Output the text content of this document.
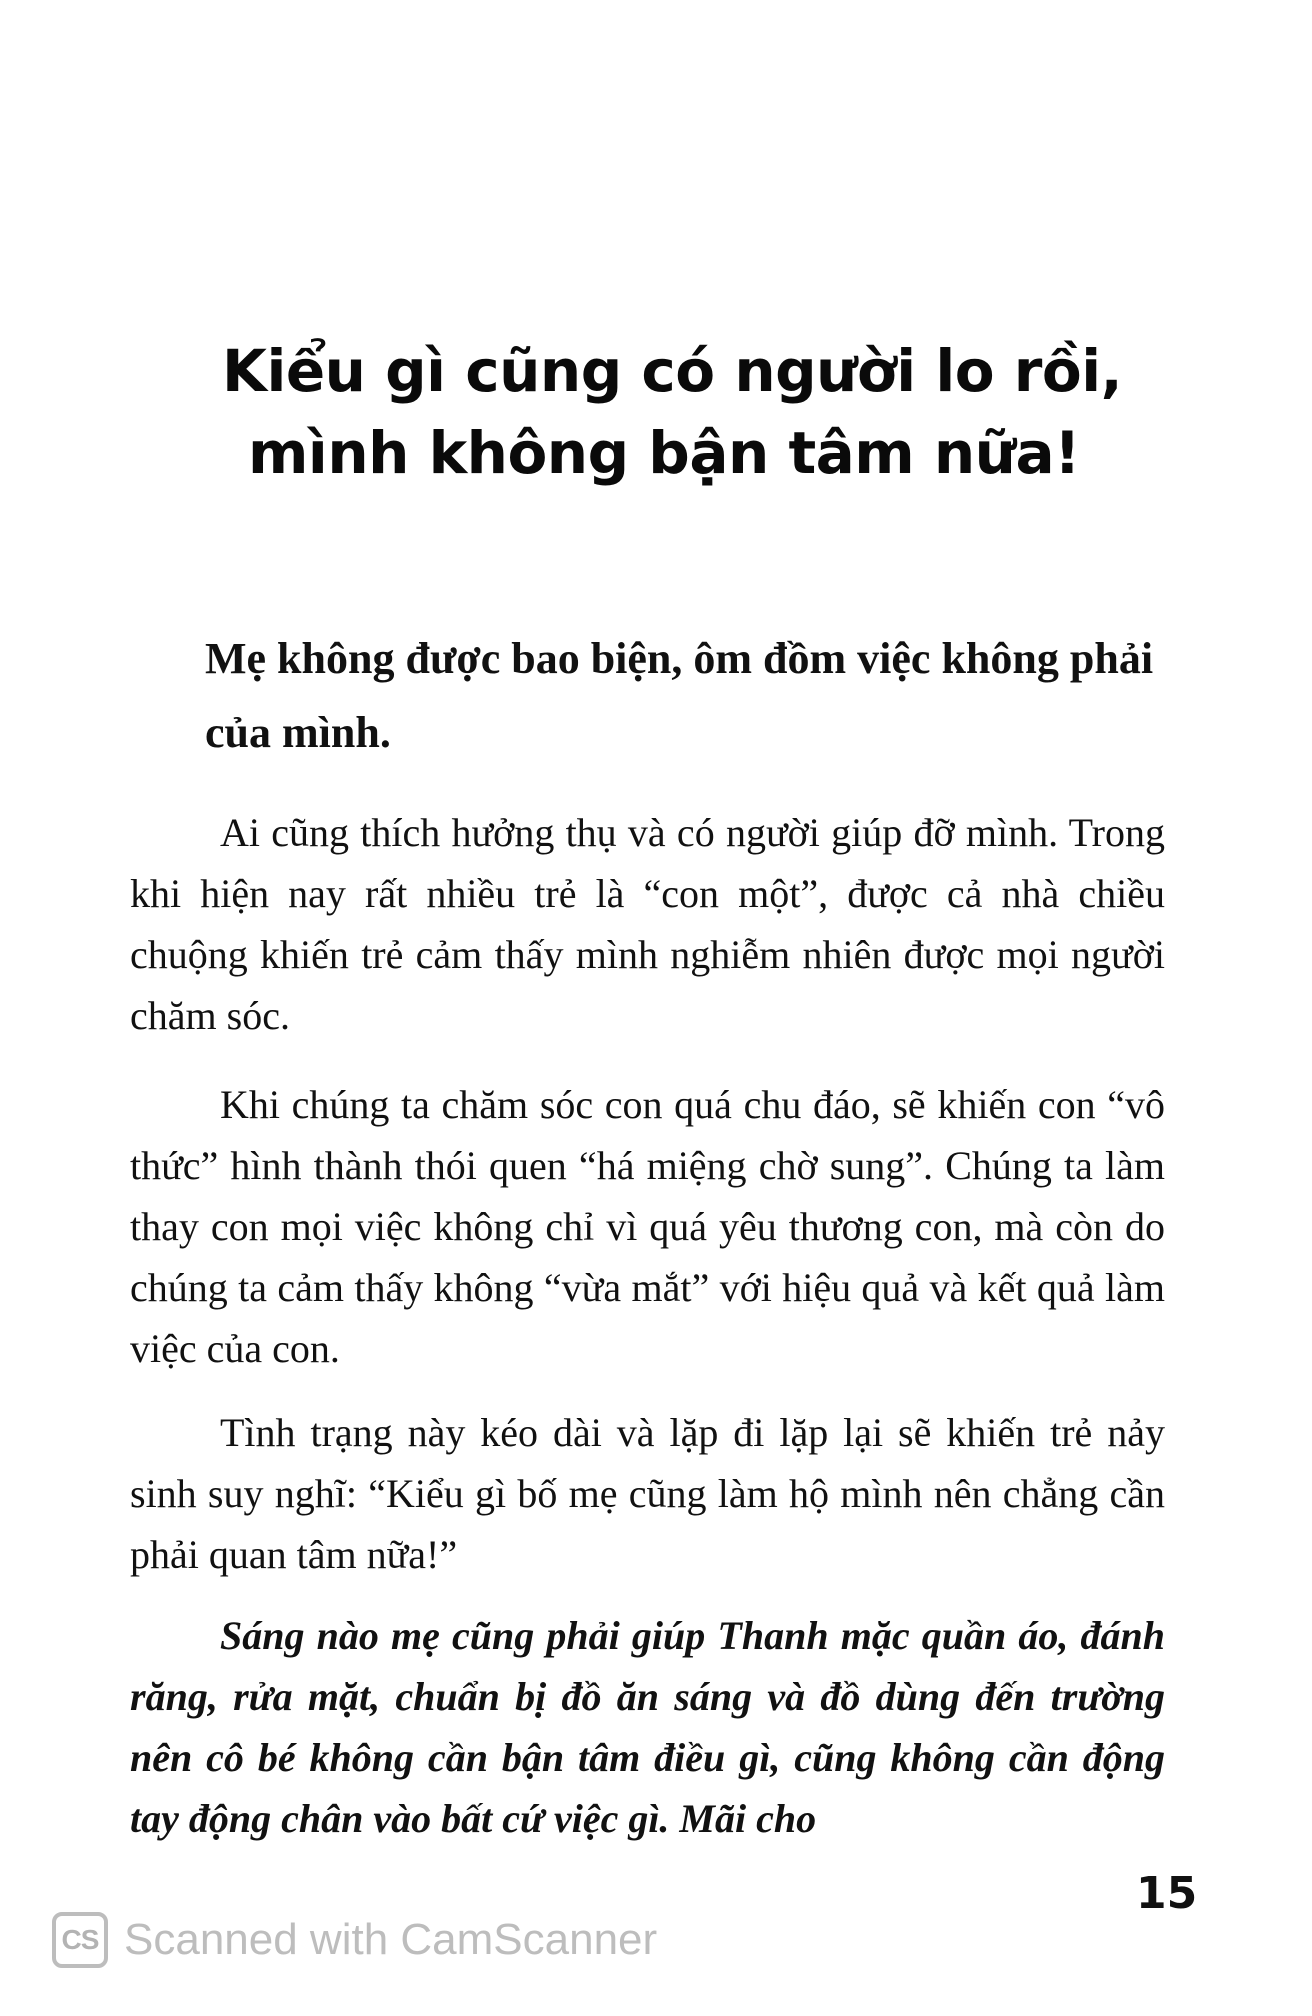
Kiểu gì cũng có người lo rồi,
mình không bận tâm nữa!

Mẹ không được bao biện, ôm đồm việc không phải của mình.

Ai cũng thích hưởng thụ và có người giúp đỡ mình. Trong khi hiện nay rất nhiều trẻ là “con một”, được cả nhà chiều chuộng khiến trẻ cảm thấy mình nghiễm nhiên được mọi người chăm sóc.

Khi chúng ta chăm sóc con quá chu đáo, sẽ khiến con “vô thức” hình thành thói quen “há miệng chờ sung”. Chúng ta làm thay con mọi việc không chỉ vì quá yêu thương con, mà còn do chúng ta cảm thấy không “vừa mắt” với hiệu quả và kết quả làm việc của con.

Tình trạng này kéo dài và lặp đi lặp lại sẽ khiến trẻ nảy sinh suy nghĩ: “Kiểu gì bố mẹ cũng làm hộ mình nên chẳng cần phải quan tâm nữa!”

Sáng nào mẹ cũng phải giúp Thanh mặc quần áo, đánh răng, rửa mặt, chuẩn bị đồ ăn sáng và đồ dùng đến trường nên cô bé không cần bận tâm điều gì, cũng không cần động tay động chân vào bất cứ việc gì. Mãi cho

15

CS Scanned with CamScanner
